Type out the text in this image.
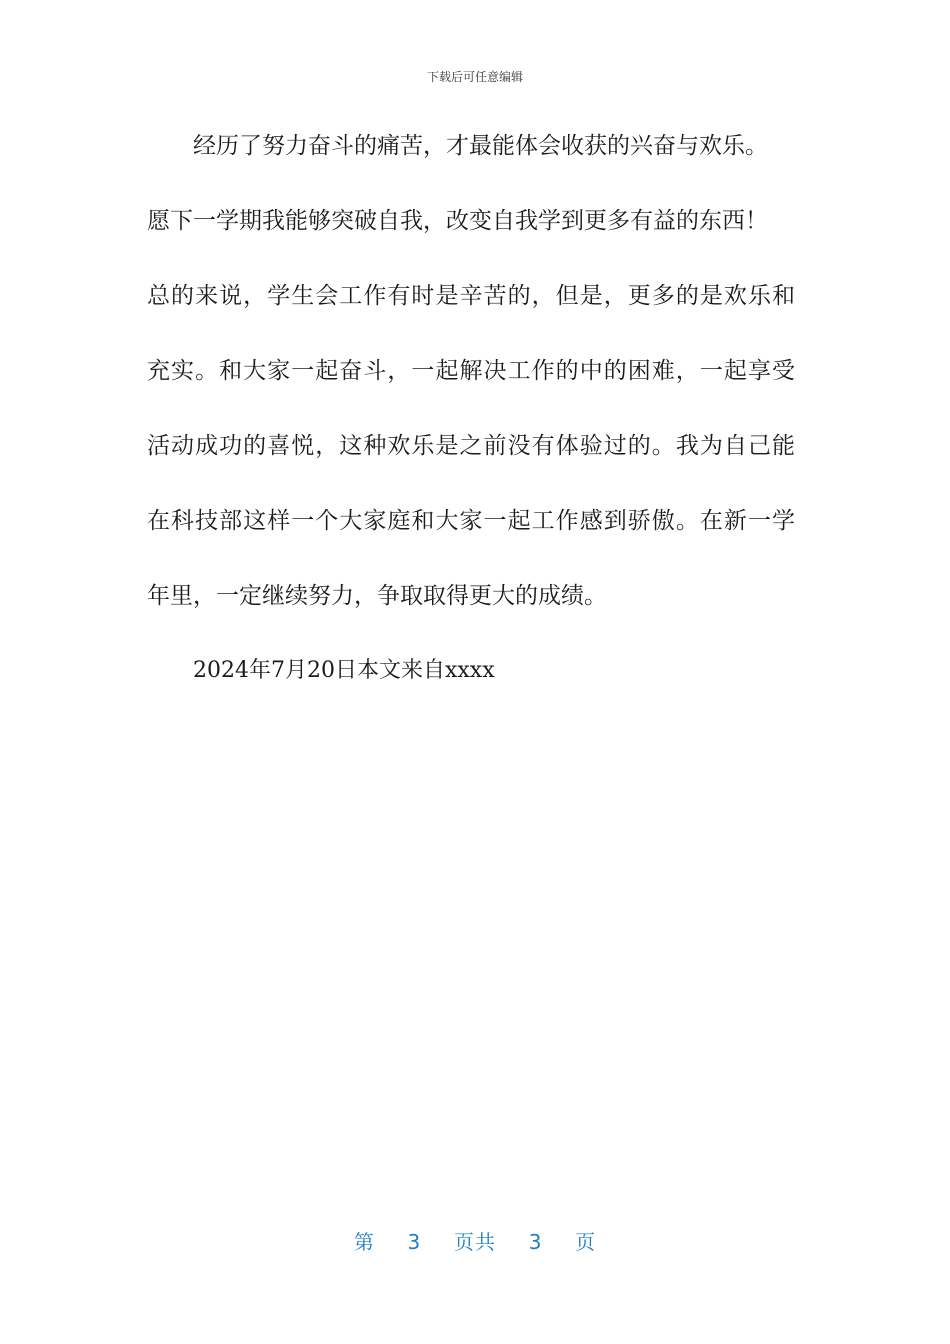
下载后可任意编辑
经历了努力奋斗的痛苦，才最能体会收获的兴奋与欢乐。
愿下一学期我能够突破自我，改变自我学到更多有益的东西！
总的来说，学生会工作有时是辛苦的，但是，更多的是欢乐和
充实。和大家一起奋斗，一起解决工作的中的困难，一起享受
活动成功的喜悦，这种欢乐是之前没有体验过的。我为自己能
在科技部这样一个大家庭和大家一起工作感到骄傲。在新一学
年里，一定继续努力，争取取得更大的成绩。
2024年7月20日本文来自xxxx
第 3 页共 3 页
